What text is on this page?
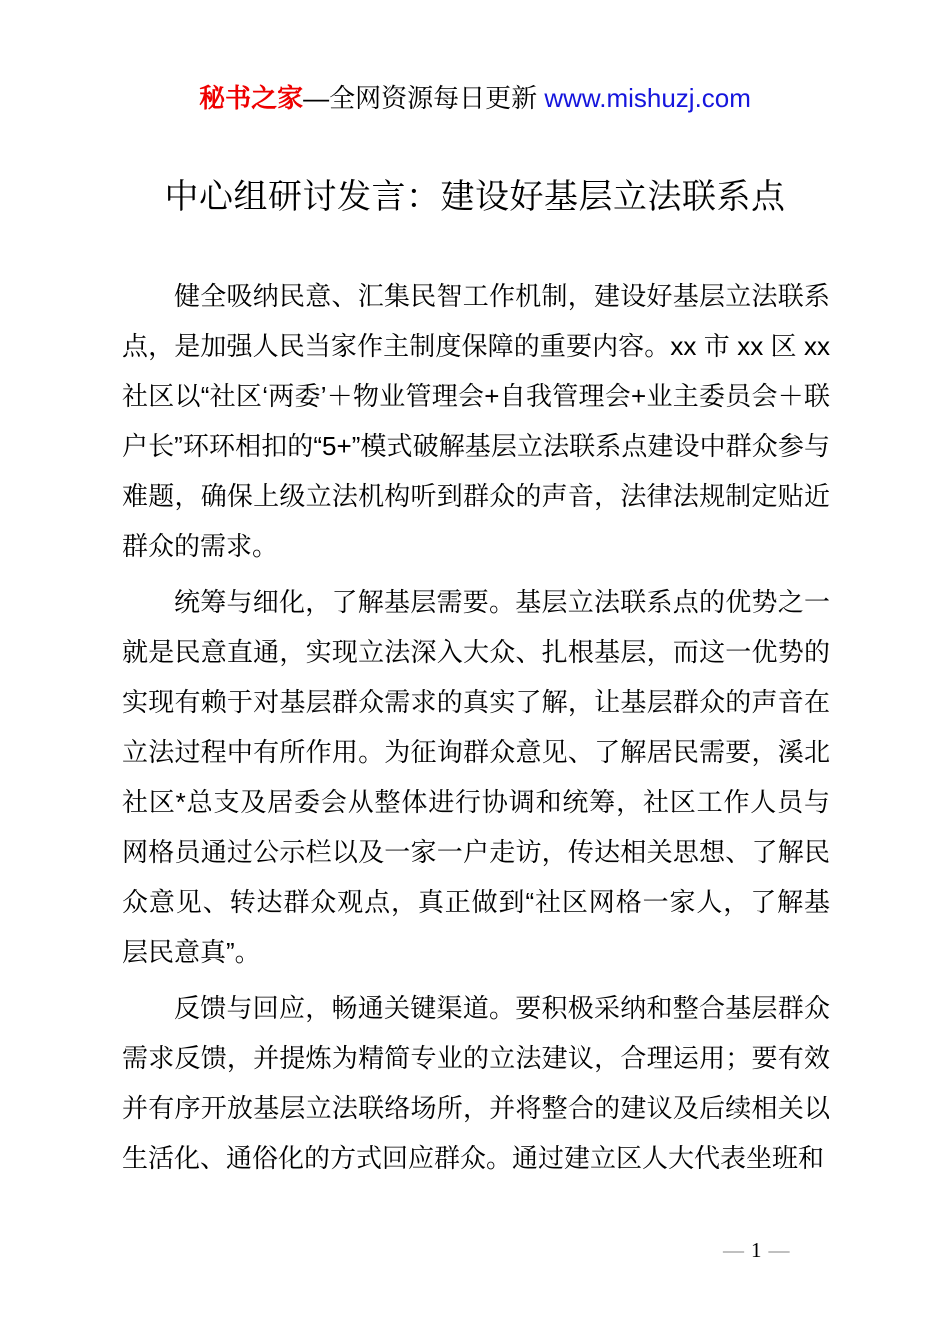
秘书之家—全网资源每日更新 www.mishuzj.com
中心组研讨发言：建设好基层立法联系点

健全吸纳民意、汇集民智工作机制，建设好基层立法联系点，是加强人民当家作主制度保障的重要内容。xx 市 xx 区 xx 社区以“社区‘两委’＋物业管理会+自我管理会+业主委员会＋联户长”环环相扣的“5+”模式破解基层立法联系点建设中群众参与难题，确保上级立法机构听到群众的声音，法律法规制定贴近群众的需求。

统筹与细化，了解基层需要。基层立法联系点的优势之一就是民意直通，实现立法深入大众、扎根基层，而这一优势的实现有赖于对基层群众需求的真实了解，让基层群众的声音在立法过程中有所作用。为征询群众意见、了解居民需要，溪北社区*总支及居委会从整体进行协调和统筹，社区工作人员与网格员通过公示栏以及一家一户走访，传达相关思想、了解民众意见、转达群众观点，真正做到“社区网格一家人，了解基层民意真”。

反馈与回应，畅通关键渠道。要积极采纳和整合基层群众需求反馈，并提炼为精简专业的立法建议，合理运用；要有效并有序开放基层立法联络场所，并将整合的建议及后续相关以生活化、通俗化的方式回应群众。通过建立区人大代表坐班和

— 1 —
